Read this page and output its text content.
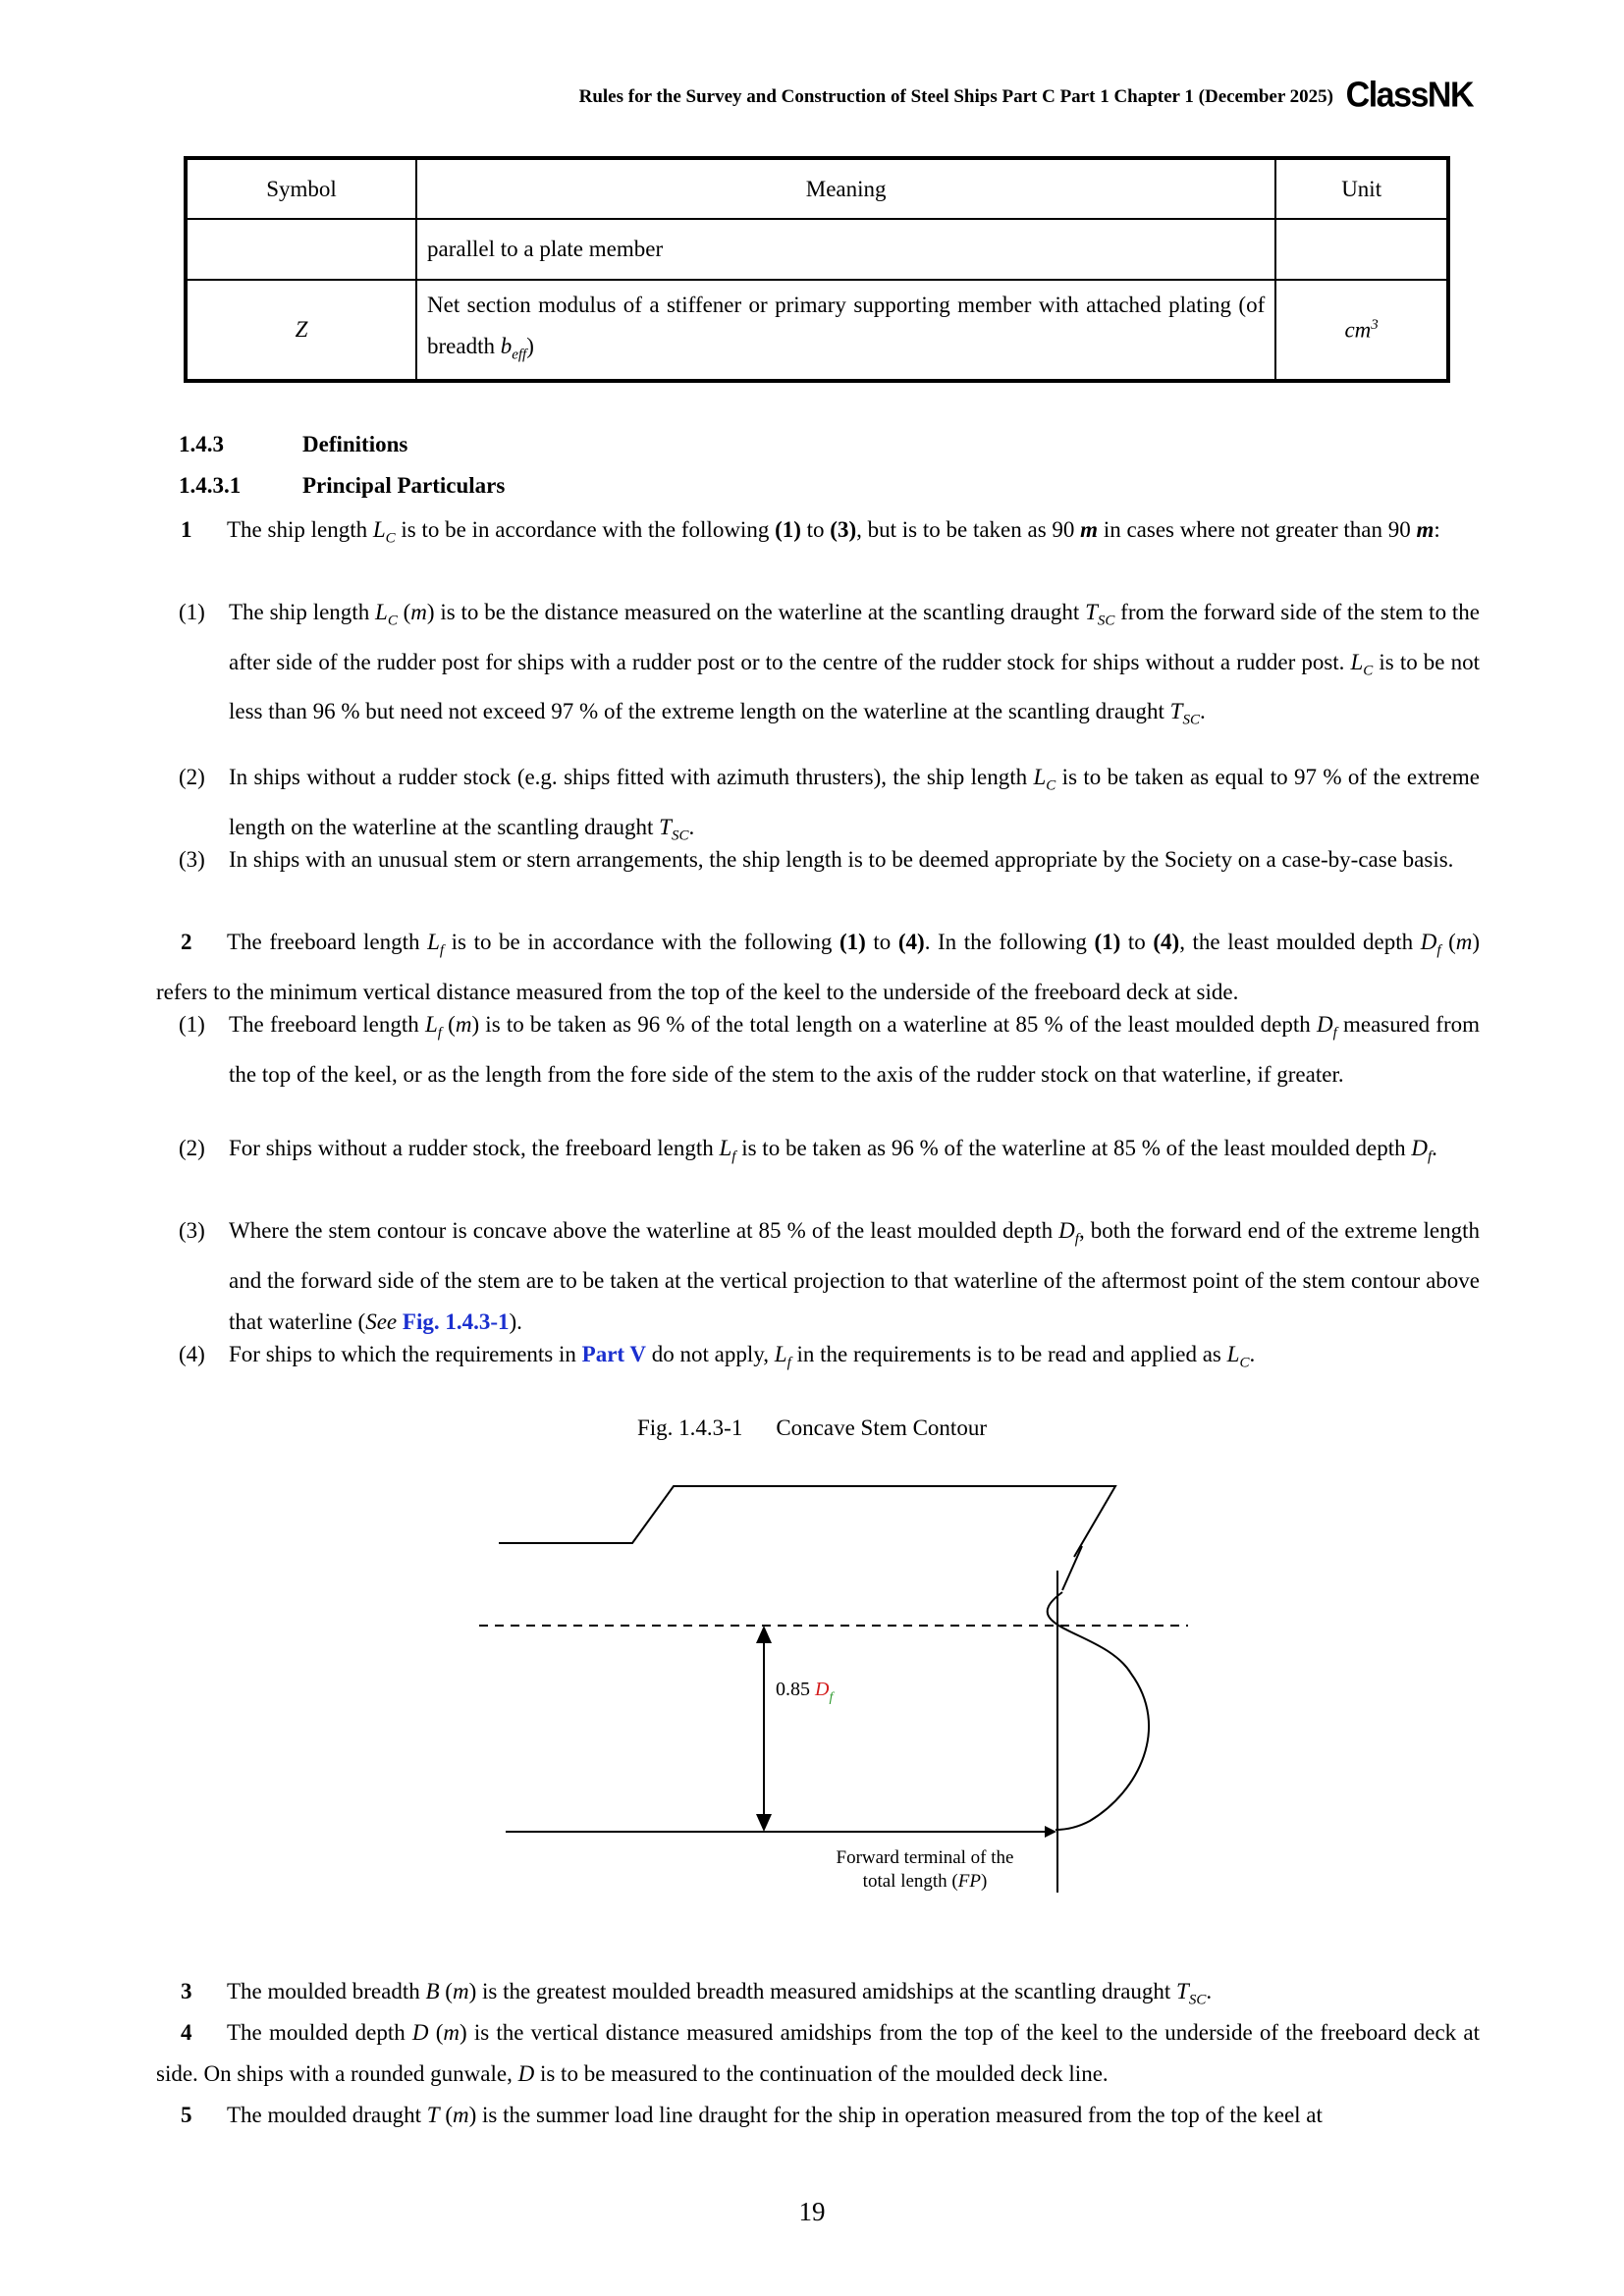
Rules for the Survey and Construction of Steel Ships Part C Part 1 Chapter 1 (December 2025) ClassNK
Symbol	Meaning	Unit
	parallel to a plate member	
Z	Net section modulus of a stiffener or primary supporting member with attached plating (of breadth $b_{eff}$)	$cm^3$
1.4.3	Definitions
1.4.3.1	Principal Particulars
1 The ship length $L_C$ is to be in accordance with the following (1) to (3), but is to be taken as 90 m in cases where not greater than 90 m:
(1) The ship length $L_C$ (m) is to be the distance measured on the waterline at the scantling draught $T_{SC}$ from the forward side of the stem to the after side of the rudder post for ships with a rudder post or to the centre of the rudder stock for ships without a rudder post. $L_C$ is to be not less than 96 % but need not exceed 97 % of the extreme length on the waterline at the scantling draught $T_{SC}$.
(2) In ships without a rudder stock (e.g. ships fitted with azimuth thrusters), the ship length $L_C$ is to be taken as equal to 97 % of the extreme length on the waterline at the scantling draught $T_{SC}$.
(3) In ships with an unusual stem or stern arrangements, the ship length is to be deemed appropriate by the Society on a case-by-case basis.
2 The freeboard length $L_f$ is to be in accordance with the following (1) to (4). In the following (1) to (4), the least moulded depth $D_f$ (m) refers to the minimum vertical distance measured from the top of the keel to the underside of the freeboard deck at side.
(1) The freeboard length $L_f$ (m) is to be taken as 96 % of the total length on a waterline at 85 % of the least moulded depth $D_f$ measured from the top of the keel, or as the length from the fore side of the stem to the axis of the rudder stock on that waterline, if greater.
(2) For ships without a rudder stock, the freeboard length $L_f$ is to be taken as 96 % of the waterline at 85 % of the least moulded depth $D_f$.
(3) Where the stem contour is concave above the waterline at 85 % of the least moulded depth $D_f$, both the forward end of the extreme length and the forward side of the stem are to be taken at the vertical projection to that waterline of the aftermost point of the stem contour above that waterline (See Fig. 1.4.3-1).
(4) For ships to which the requirements in Part V do not apply, $L_f$ in the requirements is to be read and applied as $L_C$.
Fig. 1.4.3-1 Concave Stem Contour
0.85 $D_f$
Forward terminal of the
total length (FP)
3 The moulded breadth B (m) is the greatest moulded breadth measured amidships at the scantling draught $T_{SC}$.
4 The moulded depth D (m) is the vertical distance measured amidships from the top of the keel to the underside of the freeboard deck at side. On ships with a rounded gunwale, D is to be measured to the continuation of the moulded deck line.
5 The moulded draught T (m) is the summer load line draught for the ship in operation measured from the top of the keel at
19
